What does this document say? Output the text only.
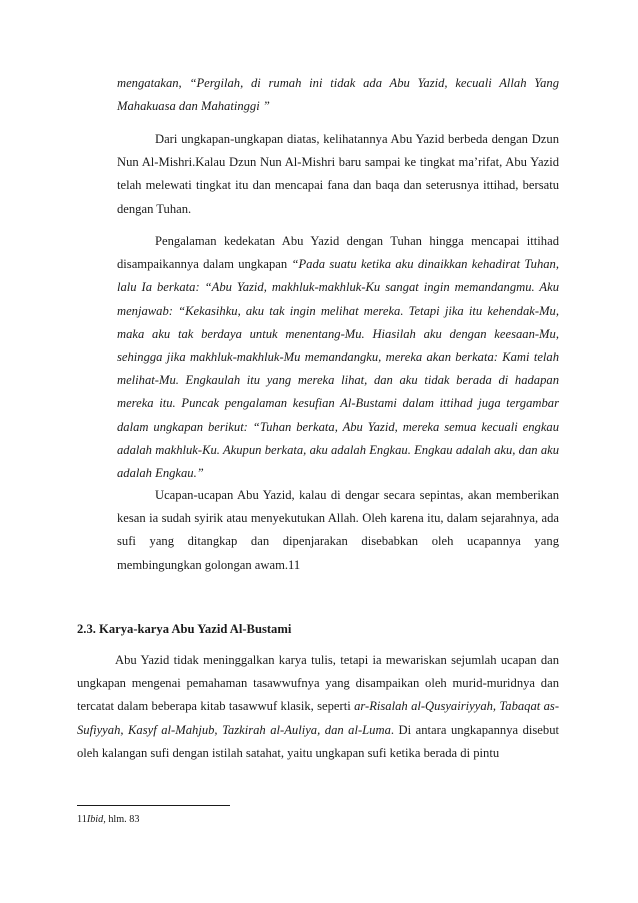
mengatakan, “Pergilah, di rumah ini tidak ada Abu Yazid, kecuali Allah Yang Mahakuasa dan Mahatinggi ”

Dari ungkapan-ungkapan diatas, kelihatannya Abu Yazid berbeda dengan Dzun Nun Al-Mishri.Kalau Dzun Nun Al-Mishri baru sampai ke tingkat ma’rifat, Abu Yazid telah melewati tingkat itu dan mencapai fana dan baqa dan seterusnya ittihad, bersatu dengan Tuhan.

Pengalaman kedekatan Abu Yazid dengan Tuhan hingga mencapai ittihad disampaikannya dalam ungkapan “Pada suatu ketika aku dinaikkan kehadirat Tuhan, lalu Ia berkata: “Abu Yazid, makhluk-makhluk-Ku sangat ingin memandangmu. Aku menjawab: “Kekasihku, aku tak ingin melihat mereka. Tetapi jika itu kehendak-Mu, maka aku tak berdaya untuk menentang-Mu. Hiasilah aku dengan keesaan-Mu, sehingga jika makhluk-makhluk-Mu memandangku, mereka akan berkata: Kami telah melihat-Mu. Engkaulah itu yang mereka lihat, dan aku tidak berada di hadapan mereka itu. Puncak pengalaman kesufian Al-Bustami dalam ittihad juga tergambar dalam ungkapan berikut: “Tuhan berkata, Abu Yazid, mereka semua kecuali engkau adalah makhluk-Ku. Akupun berkata, aku adalah Engkau. Engkau adalah aku, dan aku adalah Engkau.”

Ucapan-ucapan Abu Yazid, kalau di dengar secara sepintas, akan memberikan kesan ia sudah syirik atau menyekutukan Allah. Oleh karena itu, dalam sejarahnya, ada sufi yang ditangkap dan dipenjarakan disebabkan oleh ucapannya yang membingungkan golongan awam.11

2.3. Karya-karya Abu Yazid Al-Bustami

Abu Yazid tidak meninggalkan karya tulis, tetapi ia mewariskan sejumlah ucapan dan ungkapan mengenai pemahaman tasawwufnya yang disampaikan oleh murid-muridnya dan tercatat dalam beberapa kitab tasawwuf klasik, seperti ar-Risalah al-Qusyairiyyah, Tabaqat as-Sufiyyah, Kasyf al-Mahjub, Tazkirah al-Auliya, dan al-Luma. Di antara ungkapannya disebut oleh kalangan sufi dengan istilah satahat, yaitu ungkapan sufi ketika berada di pintu

11Ibid, hlm. 83
